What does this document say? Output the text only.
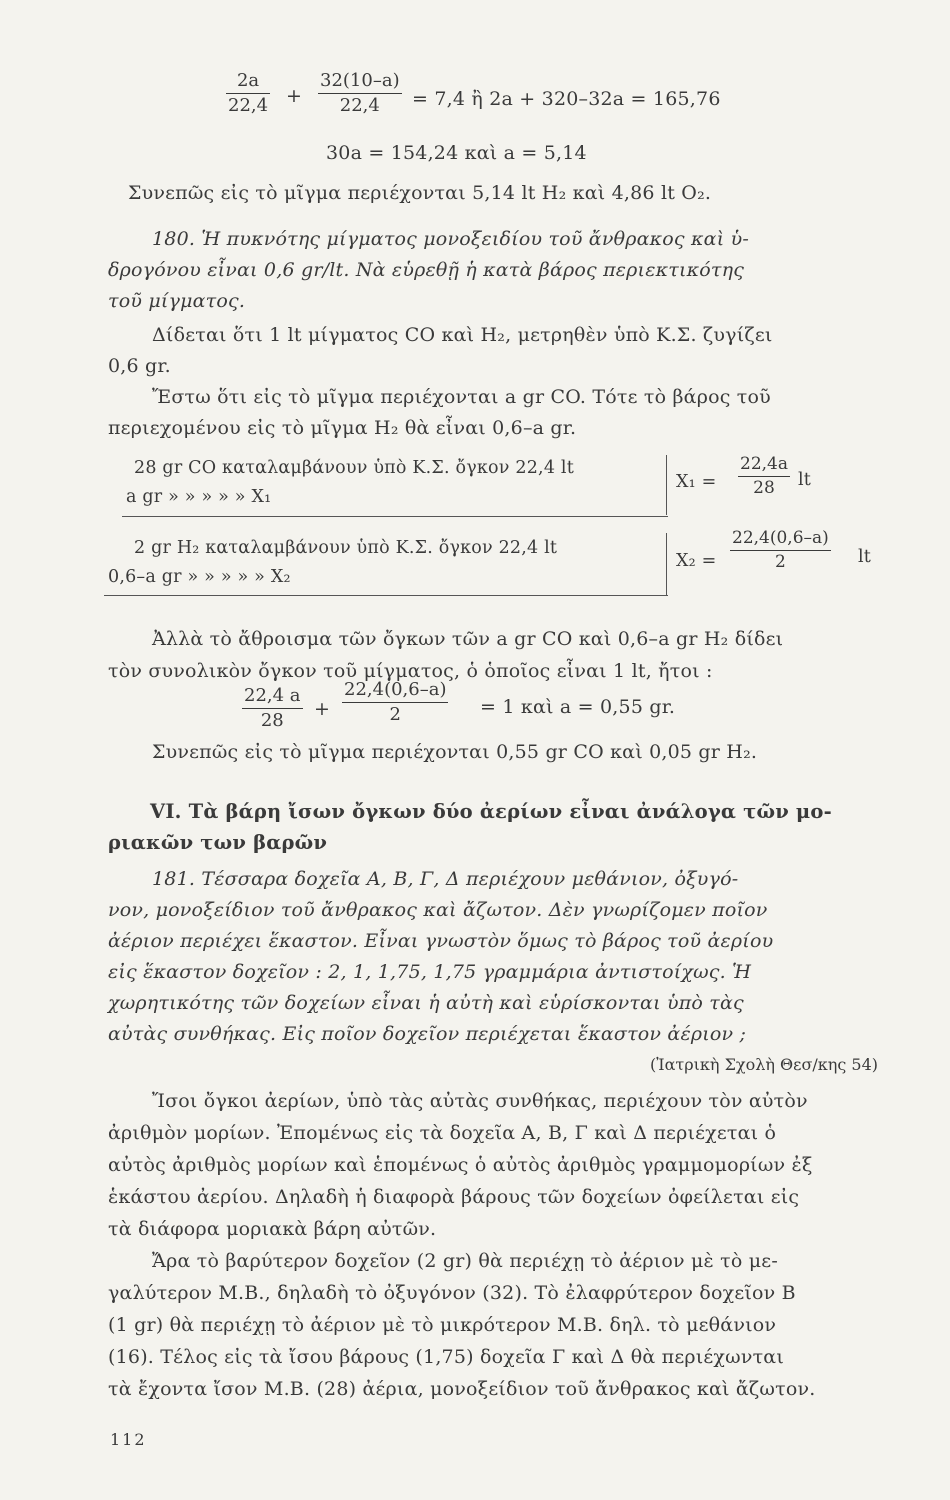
2a
22,4 +
32(10–a)
22,4	= 7,4 ἢ 2a + 320–32a = 165,76
30a = 154,24 καὶ a = 5,14
Συνεπῶς εἰς τὸ μῖγμα περιέχονται 5,14 lt H₂ καὶ 4,86 lt O₂.
180. Ἡ πυκνότης μίγματος μονοξειδίου τοῦ ἄνθρακος καὶ ὑ-
δρογόνου εἶναι 0,6 gr/lt. Νὰ εὑρεθῇ ἡ κατὰ βάρος περιεκτικότης
τοῦ μίγματος.
Δίδεται ὅτι 1 lt μίγματος CO καὶ H₂, μετρηθὲν ὑπὸ Κ.Σ. ζυγίζει
0,6 gr.
Ἔστω ὅτι εἰς τὸ μῖγμα περιέχονται a gr CO. Τότε τὸ βάρος τοῦ
περιεχομένου εἰς τὸ μῖγμα H₂ θὰ εἶναι 0,6–a gr.
28 gr CO καταλαμβάνουν ὑπὸ Κ.Σ. ὄγκον 22,4 lt
a gr » » » » » X₁
X₁ =
22,4a
28	lt
2 gr H₂ καταλαμβάνουν ὑπὸ Κ.Σ. ὄγκον 22,4 lt
0,6–a gr » » » » » X₂
X₂ =
22,4(0,6–a)
2	lt
Ἀλλὰ τὸ ἄθροισμα τῶν ὄγκων τῶν a gr CO καὶ 0,6–a gr H₂ δίδει
τὸν συνολικὸν ὄγκον τοῦ μίγματος, ὁ ὁποῖος εἶναι 1 lt, ἤτοι :
22,4 a
28
+
22,4(0,6–a)
2	= 1 καὶ a = 0,55 gr.
Συνεπῶς εἰς τὸ μῖγμα περιέχονται 0,55 gr CO καὶ 0,05 gr H₂.
VI. Τὰ βάρη ἴσων ὄγκων δύο ἀερίων εἶναι ἀνάλογα τῶν μο-
ριακῶν των βαρῶν
181. Τέσσαρα δοχεῖα A, B, Γ, Δ περιέχουν μεθάνιον, ὀξυγό-
νον, μονοξείδιον τοῦ ἄνθρακος καὶ ἄζωτον. Δὲν γνωρίζομεν ποῖον
ἀέριον περιέχει ἕκαστον. Εἶναι γνωστὸν ὅμως τὸ βάρος τοῦ ἀερίου
εἰς ἕκαστον δοχεῖον : 2, 1, 1,75, 1,75 γραμμάρια ἀντιστοίχως. Ἡ
χωρητικότης τῶν δοχείων εἶναι ἡ αὐτὴ καὶ εὑρίσκονται ὑπὸ τὰς
αὐτὰς συνθήκας. Εἰς ποῖον δοχεῖον περιέχεται ἕκαστον ἀέριον ;
(Ἰατρικὴ Σχολὴ Θεσ/κης 54)
Ἴσοι ὄγκοι ἀερίων, ὑπὸ τὰς αὐτὰς συνθήκας, περιέχουν τὸν αὐτὸν
ἀριθμὸν μορίων. Ἐπομένως εἰς τὰ δοχεῖα A, B, Γ καὶ Δ περιέχεται ὁ
αὐτὸς ἀριθμὸς μορίων καὶ ἑπομένως ὁ αὐτὸς ἀριθμὸς γραμμομορίων ἐξ
ἑκάστου ἀερίου. Δηλαδὴ ἡ διαφορὰ βάρους τῶν δοχείων ὀφείλεται εἰς
τὰ διάφορα μοριακὰ βάρη αὐτῶν.
Ἄρα τὸ βαρύτερον δοχεῖον (2 gr) θὰ περιέχῃ τὸ ἀέριον μὲ τὸ με-
γαλύτερον M.B., δηλαδὴ τὸ ὀξυγόνον (32). Τὸ ἐλαφρύτερον δοχεῖον B
(1 gr) θὰ περιέχῃ τὸ ἀέριον μὲ τὸ μικρότερον M.B. δηλ. τὸ μεθάνιον
(16). Τέλος εἰς τὰ ἴσου βάρους (1,75) δοχεῖα Γ καὶ Δ θὰ περιέχωνται
τὰ ἔχοντα ἴσον M.B. (28) ἀέρια, μονοξείδιον τοῦ ἄνθρακος καὶ ἄζωτον.
112
